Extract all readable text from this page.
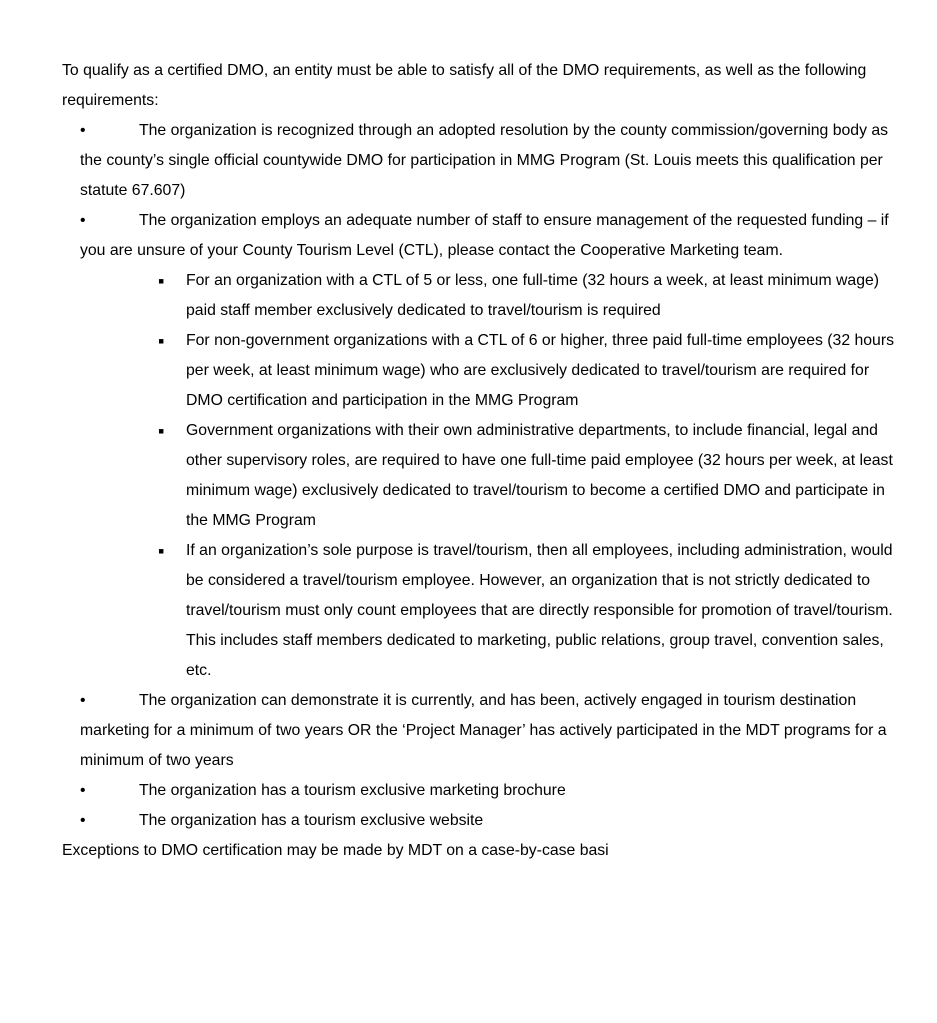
To qualify as a certified DMO, an entity must be able to satisfy all of the DMO requirements, as well as the following requirements:

•	The organization is recognized through an adopted resolution by the county commission/⁠governing body as the county’s single official countywide DMO for participation in MMG Program (St. Louis meets this qualification per statute 67.607)
•	The organization employs an adequate number of staff to ensure management of the requested funding – if you are unsure of your County Tourism Level (CTL), please contact the Cooperative Marketing team.
▪ For an organization with a CTL of 5 or less, one full-time (32 hours a week, at least minimum wage) paid staff member exclusively dedicated to travel/⁠tourism is required
▪ For non-government organizations with a CTL of 6 or higher, three paid full-time employees (32 hours per week, at least minimum wage) who are exclusively dedicated to travel/⁠tourism are required for DMO certification and participation in the MMG Program
▪ Government organizations with their own administrative departments, to include financial, legal and other supervisory roles, are required to have one full-time paid employee (32 hours per week, at least minimum wage) exclusively dedicated to travel/⁠tourism to become a certified DMO and participate in the MMG Program
▪ If an organization’s sole purpose is travel/⁠tourism, then all employees, including administration, would be considered a travel/⁠tourism employee. However, an organization that is not strictly dedicated to travel/⁠tourism must only count employees that are directly responsible for promotion of travel/⁠tourism. This includes staff members dedicated to marketing, public relations, group travel, convention sales, etc.
•	The organization can demonstrate it is currently, and has been, actively engaged in tourism destination marketing for a minimum of two years OR the ‘Project Manager’ has actively participated in the MDT programs for a minimum of two years
•	The organization has a tourism exclusive marketing brochure
•	The organization has a tourism exclusive website

Exceptions to DMO certification may be made by MDT on a case-by-case basi
